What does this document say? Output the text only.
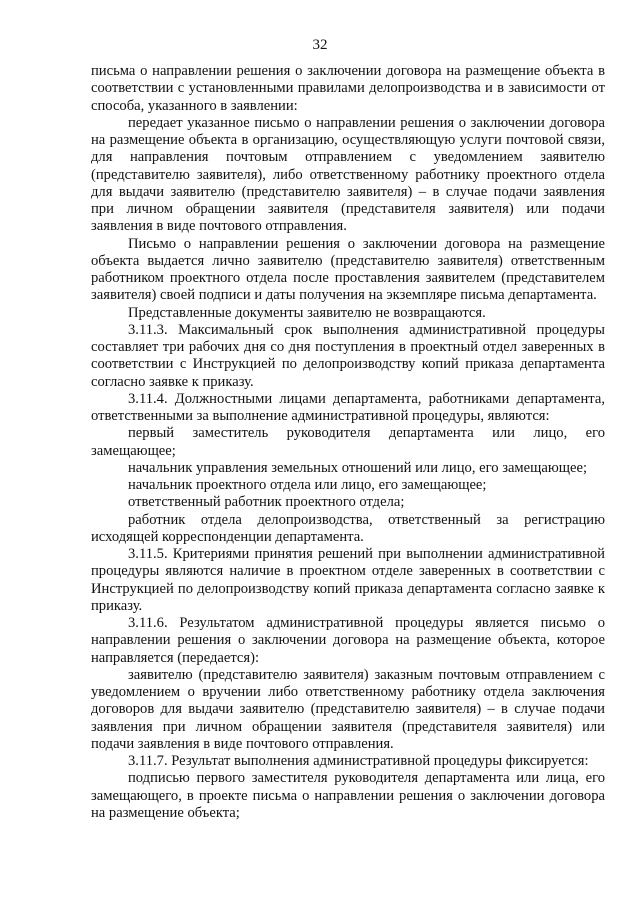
32

письма о направлении решения о заключении договора на размещение объекта в соответствии с установленными правилами делопроизводства и в зависимости от способа, указанного в заявлении:

передает указанное письмо о направлении решения о заключении договора на размещение объекта в организацию, осуществляющую услуги почтовой связи, для направления почтовым отправлением с уведомлением заявителю (представителю заявителя), либо ответственному работнику проектного отдела для выдачи заявителю (представителю заявителя) – в случае подачи заявления при личном обращении заявителя (представителя заявителя) или подачи заявления в виде почтового отправления.

Письмо о направлении решения о заключении договора на размещение объекта выдается лично заявителю (представителю заявителя) ответственным работником проектного отдела после проставления заявителем (представителем заявителя) своей подписи и даты получения на экземпляре письма департамента.

Представленные документы заявителю не возвращаются.

3.11.3. Максимальный срок выполнения административной процедуры составляет три рабочих дня со дня поступления в проектный отдел заверенных в соответствии с Инструкцией по делопроизводству копий приказа департамента согласно заявке к приказу.

3.11.4. Должностными лицами департамента, работниками департамента, ответственными за выполнение административной процедуры, являются:

первый заместитель руководителя департамента или лицо, его замещающее;

начальник управления земельных отношений или лицо, его замещающее;

начальник проектного отдела или лицо, его замещающее;

ответственный работник проектного отдела;

работник отдела делопроизводства, ответственный за регистрацию исходящей корреспонденции департамента.

3.11.5. Критериями принятия решений при выполнении административной процедуры являются наличие в проектном отделе заверенных в соответствии с Инструкцией по делопроизводству копий приказа департамента согласно заявке к приказу.

3.11.6. Результатом административной процедуры является письмо о направлении решения о заключении договора на размещение объекта, которое направляется (передается):

заявителю (представителю заявителя) заказным почтовым отправлением с уведомлением о вручении либо ответственному работнику отдела заключения договоров для выдачи заявителю (представителю заявителя) – в случае подачи заявления при личном обращении заявителя (представителя заявителя) или подачи заявления в виде почтового отправления.

3.11.7. Результат выполнения административной процедуры фиксируется:

подписью первого заместителя руководителя департамента или лица, его замещающего, в проекте письма о направлении решения о заключении договора на размещение объекта;
